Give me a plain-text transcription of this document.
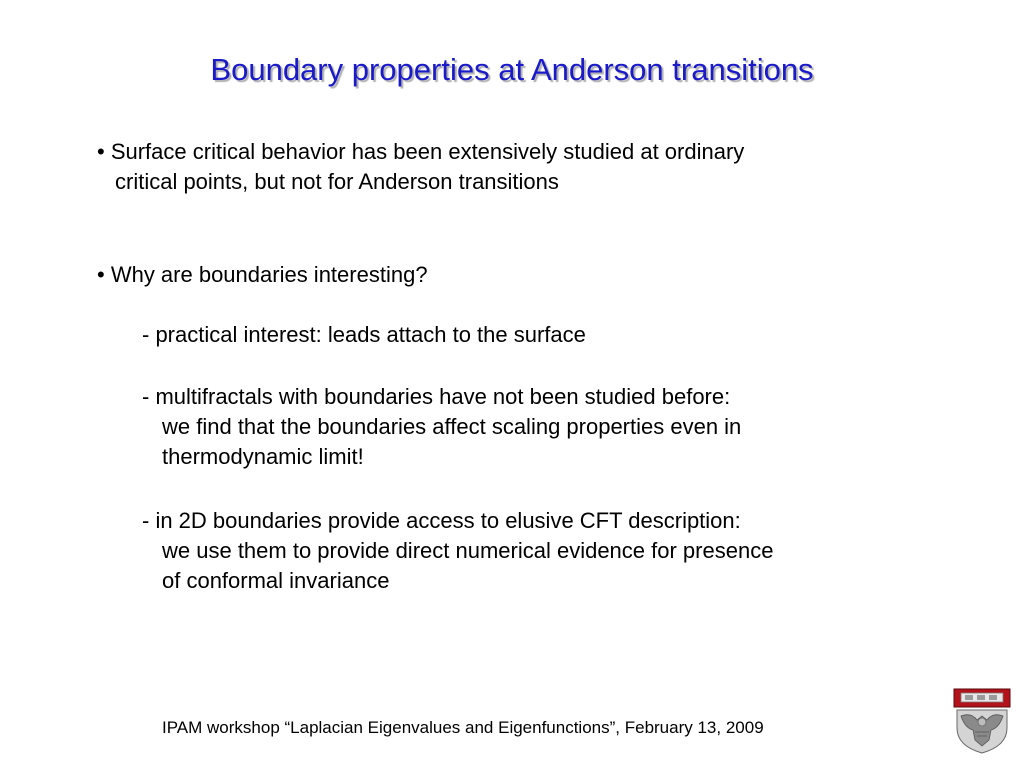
Boundary properties at Anderson transitions
• Surface critical behavior has been extensively studied at ordinary
critical points, but not for Anderson transitions
• Why are boundaries interesting?
- practical interest: leads attach to the surface
- multifractals with boundaries have not been studied before:
we find that the boundaries affect scaling properties even in
thermodynamic limit!
- in 2D boundaries provide access to elusive CFT description:
we use them to provide direct numerical evidence for presence
of conformal invariance
IPAM workshop “Laplacian Eigenvalues and Eigenfunctions”, February 13, 2009
